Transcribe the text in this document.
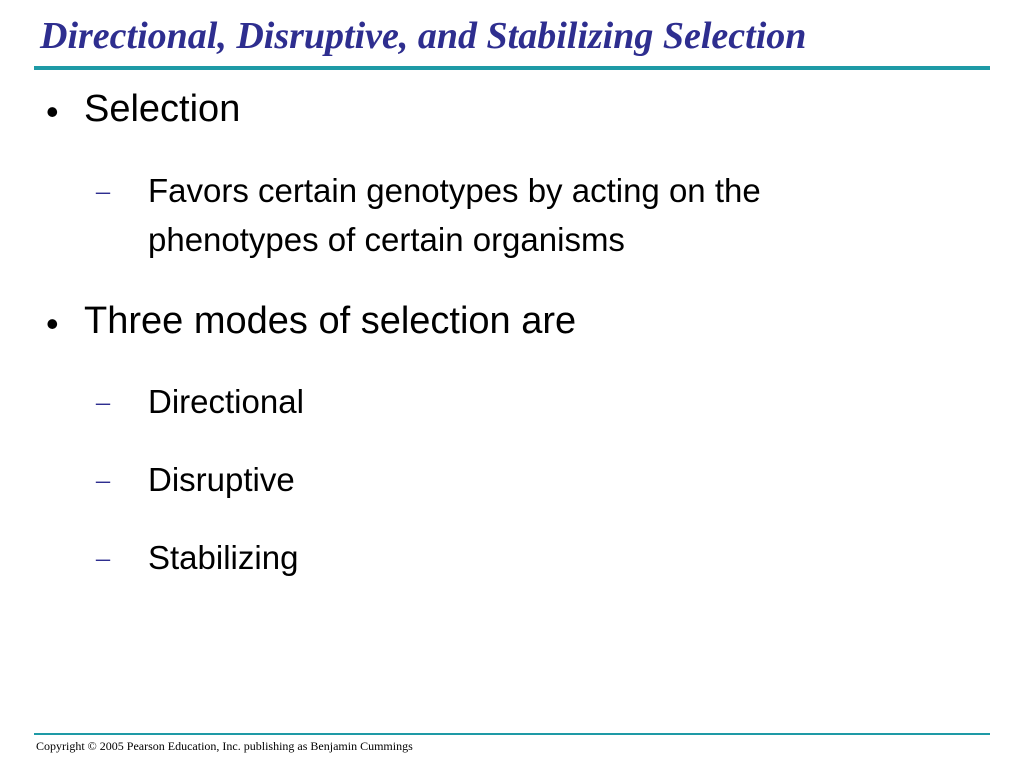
Directional, Disruptive, and Stabilizing Selection
• Selection
– Favors certain genotypes by acting on the
phenotypes of certain organisms
• Three modes of selection are
– Directional
– Disruptive
– Stabilizing
Copyright © 2005 Pearson Education, Inc. publishing as Benjamin Cummings
